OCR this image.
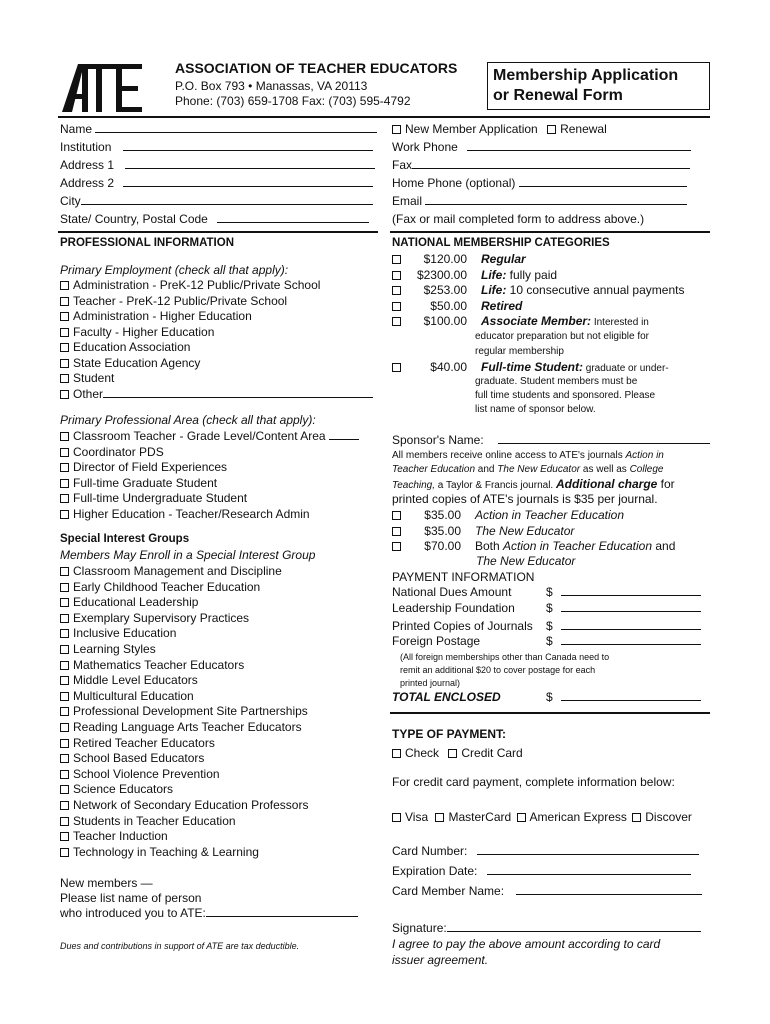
ASSOCIATION OF TEACHER EDUCATORS
P.O. Box 793 • Manassas, VA 20113
Phone: (703) 659-1708 Fax: (703) 595-4792
Membership Application
or Renewal Form
Name
Institution
Address 1
Address 2
City
State/ Country, Postal Code
New Member Application Renewal
Work Phone
Fax
Home Phone (optional)
Email
(Fax or mail completed form to address above.)
PROFESSIONAL INFORMATION
Primary Employment (check all that apply):
Administration - PreK-12 Public/Private School
Teacher - PreK-12 Public/Private School
Administration - Higher Education
Faculty - Higher Education
Education Association
State Education Agency
Student
Other
Primary Professional Area (check all that apply):
Classroom Teacher - Grade Level/Content Area
Coordinator PDS
Director of Field Experiences
Full-time Graduate Student
Full-time Undergraduate Student
Higher Education - Teacher/Research Admin
Special Interest Groups
Members May Enroll in a Special Interest Group
Classroom Management and Discipline
Early Childhood Teacher Education
Educational Leadership
Exemplary Supervisory Practices
Inclusive Education
Learning Styles
Mathematics Teacher Educators
Middle Level Educators
Multicultural Education
Professional Development Site Partnerships
Reading Language Arts Teacher Educators
Retired Teacher Educators
School Based Educators
School Violence Prevention
Science Educators
Network of Secondary Education Professors
Students in Teacher Education
Teacher Induction
Technology in Teaching & Learning
New members —
Please list name of person
who introduced you to ATE:
Dues and contributions in support of ATE are tax deductible.
NATIONAL MEMBERSHIP CATEGORIES
$120.00 Regular
$2300.00 Life: fully paid
$253.00 Life: 10 consecutive annual payments
$50.00 Retired
$100.00 Associate Member: Interested in
educator preparation but not eligible for
regular membership
$40.00 Full-time Student: graduate or under-
graduate. Student members must be
full time students and sponsored. Please
list name of sponsor below.
Sponsor's Name:
All members receive online access to ATE's journals Action in
Teacher Education and The New Educator as well as College
Teaching, a Taylor & Francis journal. Additional charge for
printed copies of ATE's journals is $35 per journal.
$35.00 Action in Teacher Education
$35.00 The New Educator
$70.00 Both Action in Teacher Education and
The New Educator
PAYMENT INFORMATION
National Dues Amount	$
Leadership Foundation	$
Printed Copies of Journals $
Foreign Postage	$
(All foreign memberships other than Canada need to
remit an additional $20 to cover postage for each
printed journal)
TOTAL ENCLOSED	$
TYPE OF PAYMENT:
Check Credit Card
For credit card payment, complete information below:
Visa MasterCard American Express Discover
Card Number:
Expiration Date:
Card Member Name:
Signature:
I agree to pay the above amount according to card
issuer agreement.
